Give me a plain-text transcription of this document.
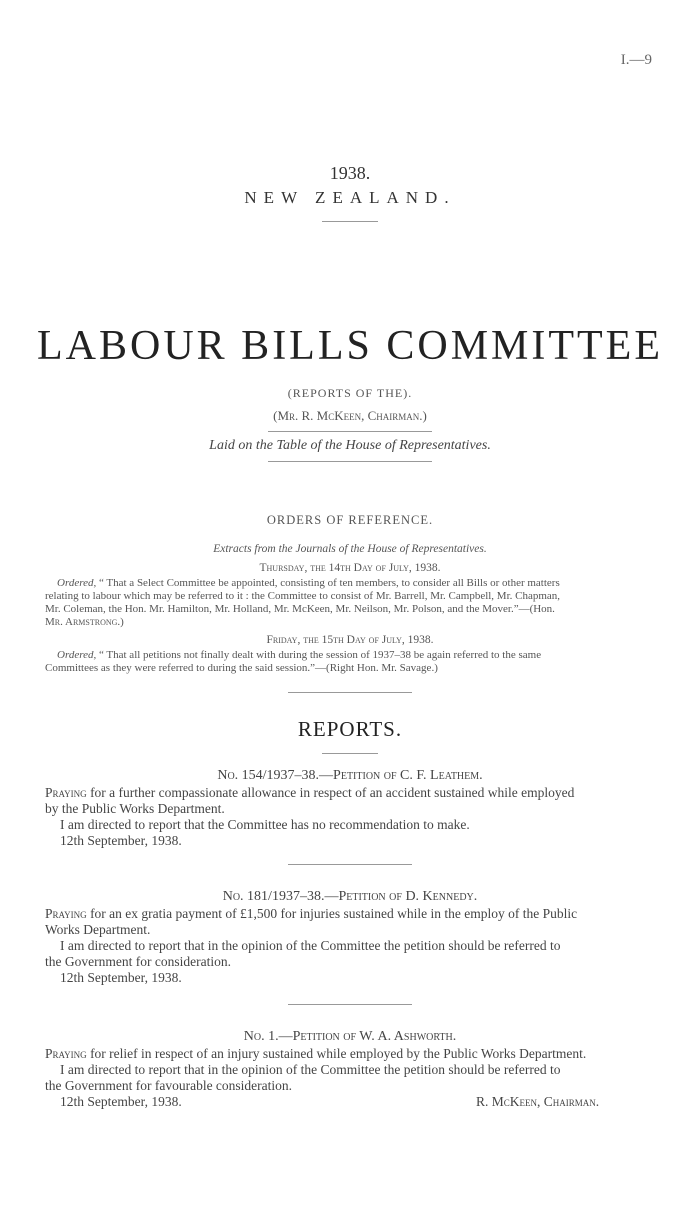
I.—9
1938.
NEW ZEALAND.
LABOUR BILLS COMMITTEE
(REPORTS OF THE).
(Mr. R. McKeen, Chairman.)
Laid on the Table of the House of Representatives.
ORDERS OF REFERENCE.
Extracts from the Journals of the House of Representatives.
Thursday, the 14th Day of July, 1938.
Ordered, “ That a Select Committee be appointed, consisting of ten members, to consider all Bills or other matters
relating to labour which may be referred to it : the Committee to consist of Mr. Barrell, Mr. Campbell, Mr. Chapman,
Mr. Coleman, the Hon. Mr. Hamilton, Mr. Holland, Mr. McKeen, Mr. Neilson, Mr. Polson, and the Mover.”—(Hon.
Mr. Armstrong.)
Friday, the 15th Day of July, 1938.
Ordered, “ That all petitions not finally dealt with during the session of 1937–38 be again referred to the same
Committees as they were referred to during the said session.”—(Right Hon. Mr. Savage.)
REPORTS.
No. 154/1937–38.—Petition of C. F. Leathem.
Praying for a further compassionate allowance in respect of an accident sustained while employed
by the Public Works Department.
I am directed to report that the Committee has no recommendation to make.
12th September, 1938.
No. 181/1937–38.—Petition of D. Kennedy.
Praying for an ex gratia payment of £1,500 for injuries sustained while in the employ of the Public
Works Department.
I am directed to report that in the opinion of the Committee the petition should be referred to
the Government for consideration.
12th September, 1938.
No. 1.—Petition of W. A. Ashworth.
Praying for relief in respect of an injury sustained while employed by the Public Works Department.
I am directed to report that in the opinion of the Committee the petition should be referred to
the Government for favourable consideration.
12th September, 1938.	R. McKeen, Chairman.
